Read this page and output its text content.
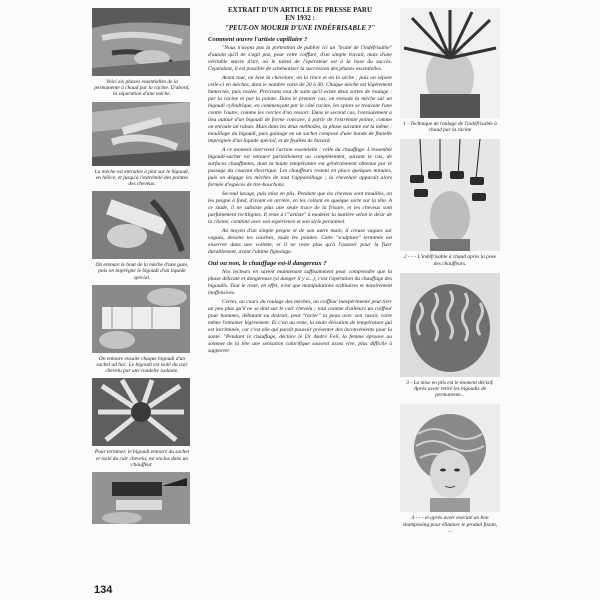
Voici six phases essentielles de la permanente à chaud par la racine. D'abord, la séparation d'une mèche.
La mèche est enroulée à plat sur le bigoudi, en hélice, et jusqu'à l'extrémité des pointes des cheveux.
On entoure le bout de la mèche d'une gaze, puis on imprègne le bigoudi d'un liquide spécial.
On entoure ensuite chaque bigoudi d'un sachet ad hoc. Le bigoudi est isolé du cuir chevelu par une rondelle isolante.
Pour terminer, le bigoudi entouré du sachet et isolé du cuir chevelu, est enclos dans un chauffeur.
EXTRAIT D'UN ARTICLE DE PRESSE PARU
EN 1932 :
"PEUT-ON MOURIR D'UNE INDÉFRISABLE ?"
Comment œuvre l'artiste capillaire ?

"Nous n'avons pas la prétention de publier ici un "traité de l'indéfrisable" d'autant qu'il ne s'agit pas, pour cette coiffure, d'un simple travail, mais d'une véritable œuvre d'art, où le talent de l'opérateur est à la base du succès. Cependant, il est possible de schématiser la succession des phases essentielles.

Avant tout, on lave la chevelure, on la rince et on la sèche ; puis on sépare celle-ci en mèches, dont le nombre varie de 20 à 60. Chaque mèche est légèrement humectée, puis roulée. Précisons tout de suite qu'il existe deux sortes de roulage : par la racine et par la pointe. Dans le premier cas, on enroule la mèche sur un bigoudi cylindrique, en commençant par le côté racine, les spires se trouvant l'une contre l'autre, comme les cercles d'un ressort. Dans le second cas, l'enroulement a lieu autour d'un bigoudi de forme concave, à partir de l'extrémité pointe, comme on enroule un ruban. Mais dans les deux méthodes, la phase suivante est la même : mouillage du bigoudi, puis gainage en un sachet composé d'une bande de flanelle imprégnée d'un liquide spécial, et de feuilles de buvard.

A ce moment intervient l'action essentielle : celle du chauffage. L'ensemble bigoudi-sachet est entouré partiellement ou complètement, suivant le cas, de surfaces chauffantes, dont la haute température est généralement obtenue par le passage du courant électrique. Les chauffeurs restent en place quelques minutes, puis on dégage les mèches de tout l'appareillage ; la chevelure apparaît alors formée d'espèces de tire-bouchons.

Second lavage, puis mise en plis. Pendant que les cheveux sont mouillés, on les peigne à fond, d'avant en arrière, en les collant en quelque sorte sur la tête. A ce stade, il ne subsiste plus une seule trace de la frisure, et les cheveux sont parfaitement rectilignes. Il reste à l'"artiste" à modeler la matière selon le désir de la cliente, combiné avec son expérience et son style personnel.

Au moyen d'un simple peigne et de son autre main, il creuse vagues sur vagues, dessine les courbes, roule les pointes. Cette "sculpture" terminée est enserrée dans une voilette, et il ne reste plus qu'à l'asseoir pour la fixer durablement, avant l'ultime fignolage.

Oui ou non, le chauffage est-il dangereux ?

Nos lecteurs en savent maintenant suffisamment pour comprendre que la phase délicate et dangereuse (si danger il y a...), c'est l'opération du chauffage des bigoudis. Tout le reste, en effet, n'est que manipulations ordinaires et notoirement inoffensives.

Certes, au cours du roulage des mèches, un coiffeur inexpérimenté peut tirer un peu plus qu'il ne se doit sur le cuir chevelu ; tout comme d'ailleurs un coiffeur pour hommes, débutant ou distrait, peut "racler" la peau avec son rasoir, voire même l'entamer légèrement. Et c'est au reste, la seule élévation de température qui est incriminée, car c'est elle qui paraît pouvoir présenter des inconvénients pour la santé. "Pendant le chauffage, déclare le Dr André Feil, la femme éprouve au sommet de la tête une sensation calorifique souvent assez vive, plus difficile à supporter

1 - Technique de roulage de l'indéfrisable à chaud par la racine
2 - - - L'indéfrisable à chaud après la pose des chauffeurs.
3 - La mise en plis est le moment décisif. Après avoir retiré les bigoudis de permanente...
4 - - - et après avoir exécuté un bon shampooing pour éliminer le produit fixant, ...
134
